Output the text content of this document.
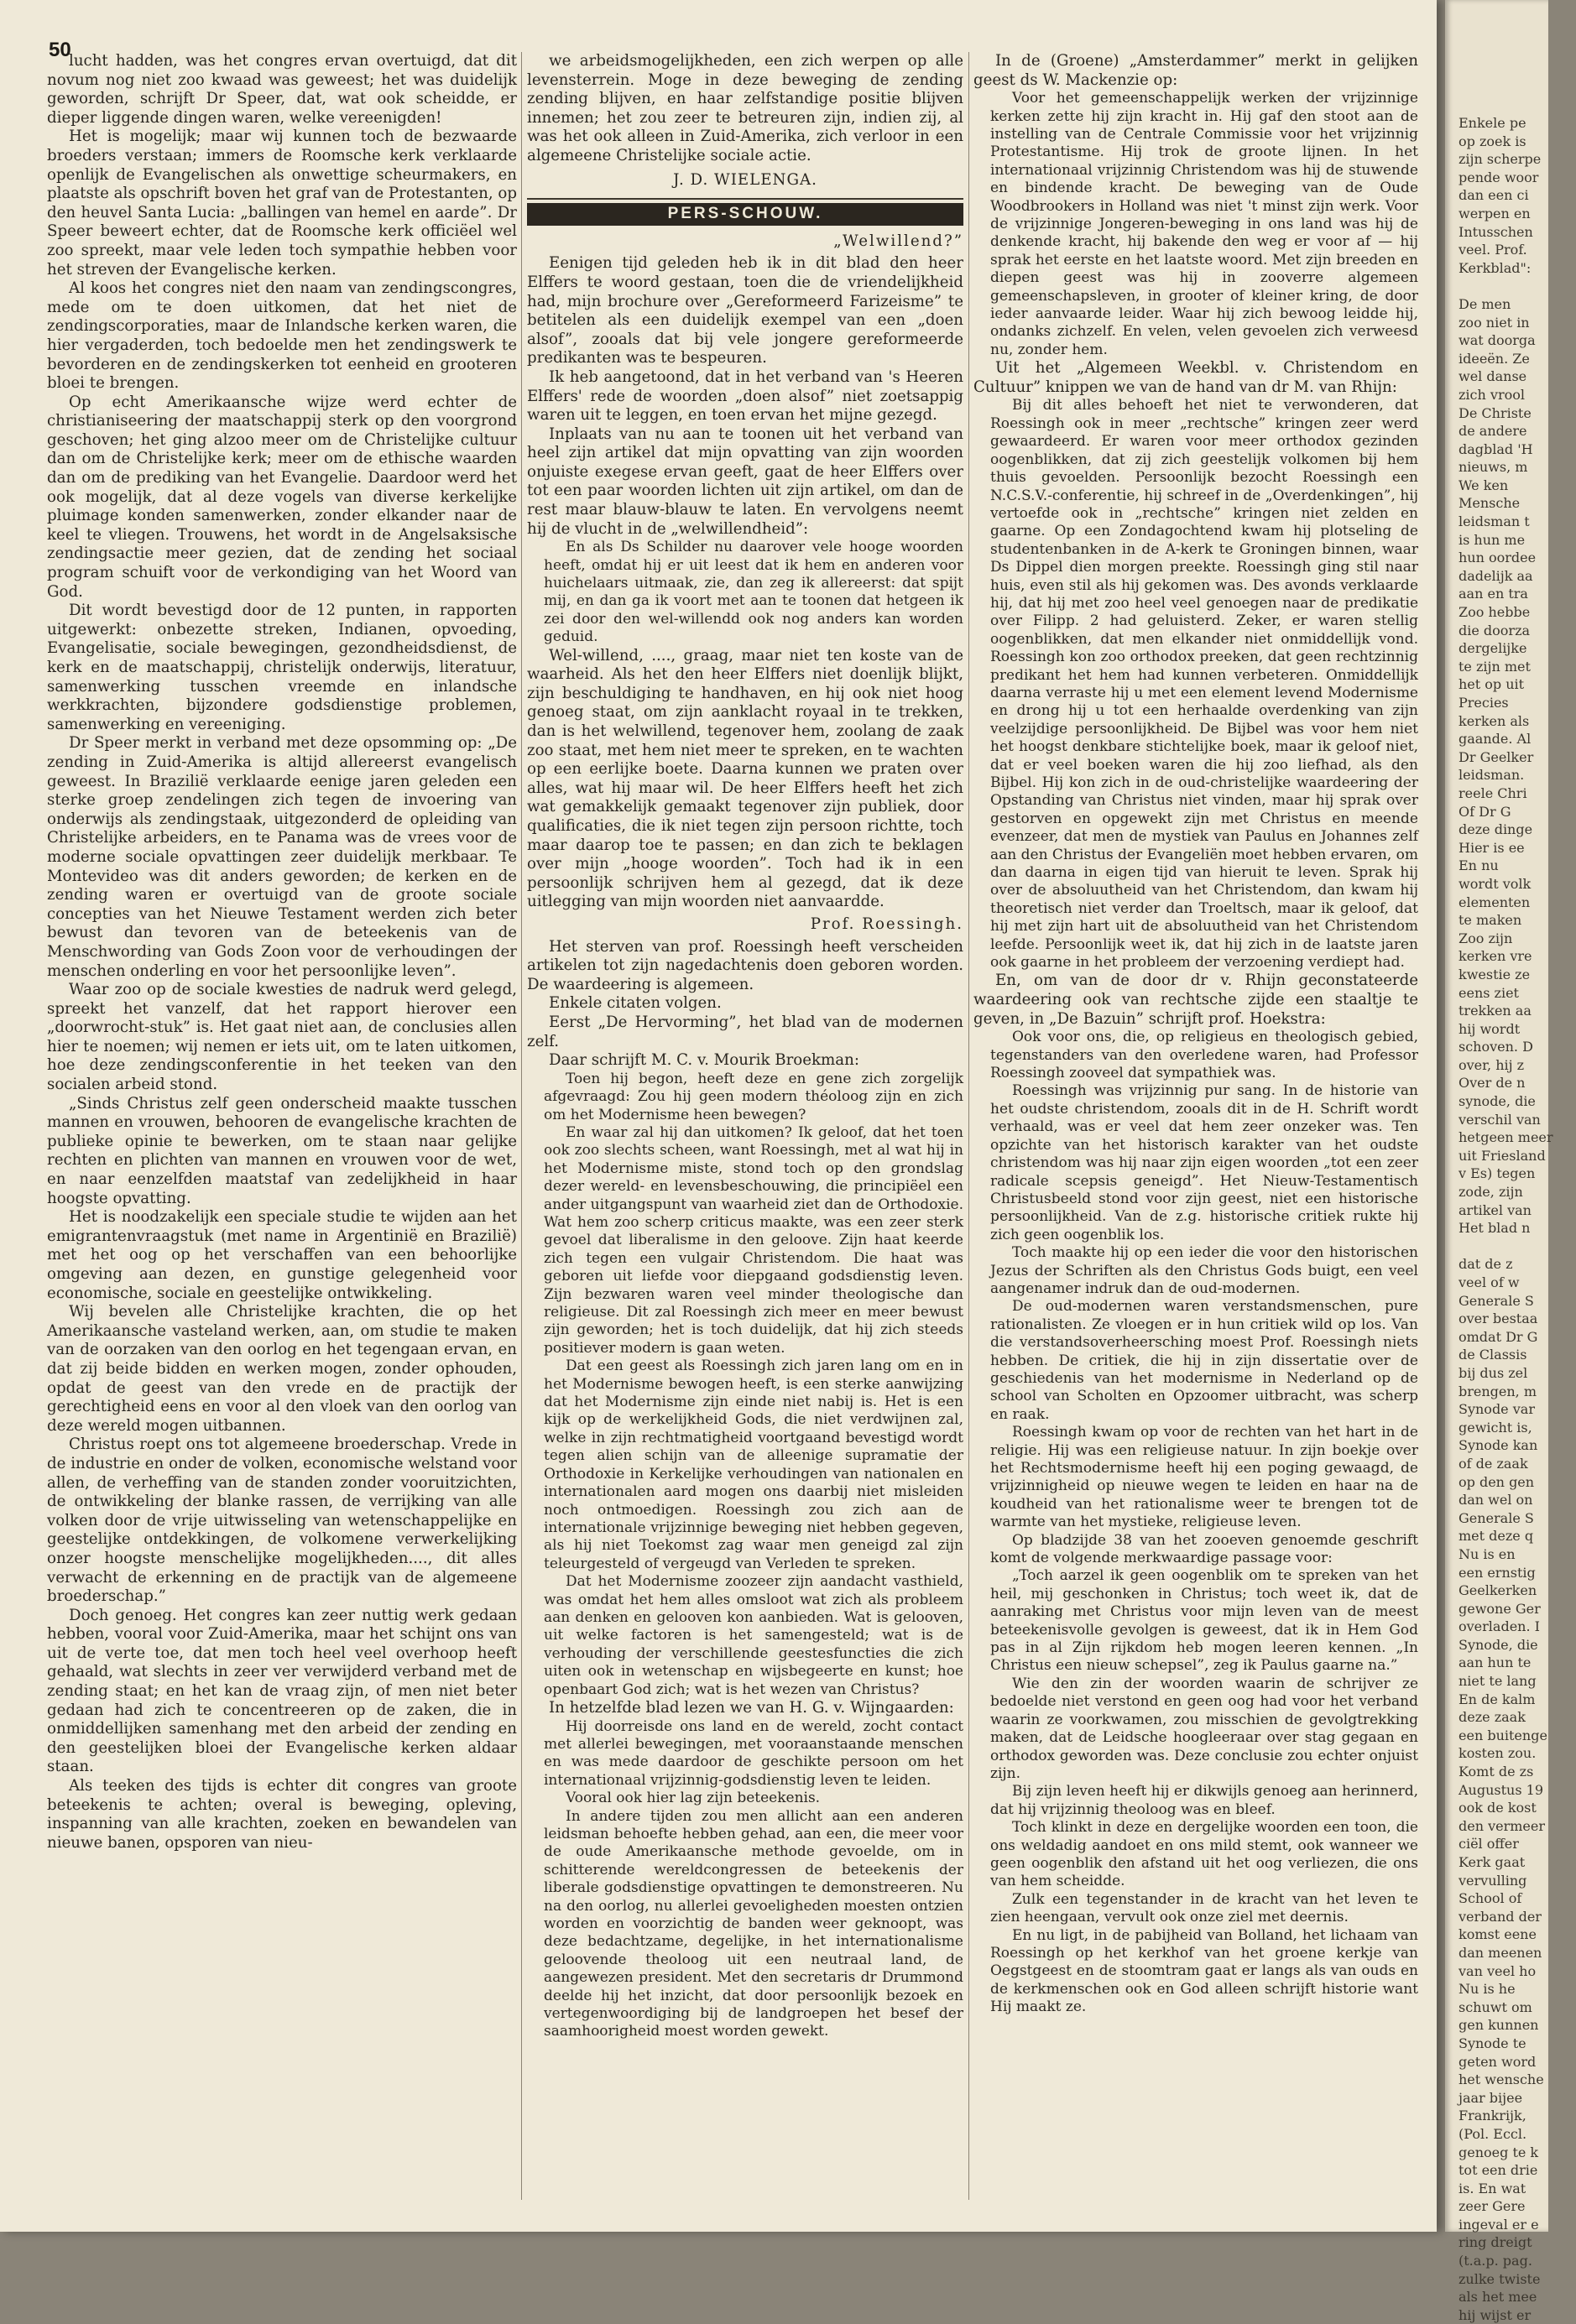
50

lucht hadden, was het congres ervan overtuigd, dat dit novum nog niet zoo kwaad was geweest; het was duidelijk geworden, schrijft Dr Speer, dat, wat ook scheidde, er dieper liggende dingen waren, welke vereenigden!

Het is mogelijk; maar wij kunnen toch de bezwaarde broeders verstaan; immers de Roomsche kerk verklaarde openlijk de Evangelischen als onwettige scheurmakers, en plaatste als opschrift boven het graf van de Protestanten, op den heuvel Santa Lucia: „ballingen van hemel en aarde”. Dr Speer beweert echter, dat de Roomsche kerk officiëel wel zoo spreekt, maar vele leden toch sympathie hebben voor het streven der Evangelische kerken.

Al koos het congres niet den naam van zendingscongres, mede om te doen uitkomen, dat het niet de zendingscorporaties, maar de Inlandsche kerken waren, die hier vergaderden, toch bedoelde men het zendingswerk te bevorderen en de zendingskerken tot eenheid en grooteren bloei te brengen.

Op echt Amerikaansche wijze werd echter de christianiseering der maatschappij sterk op den voorgrond geschoven; het ging alzoo meer om de Christelijke cultuur dan om de Christelijke kerk; meer om de ethische waarden dan om de prediking van het Evangelie. Daardoor werd het ook mogelijk, dat al deze vogels van diverse kerkelijke pluimage konden samenwerken, zonder elkander naar de keel te vliegen. Trouwens, het wordt in de Angelsaksische zendingsactie meer gezien, dat de zending het sociaal program schuift voor de verkondiging van het Woord van God.

Dit wordt bevestigd door de 12 punten, in rapporten uitgewerkt: onbezette streken, Indianen, opvoeding, Evangelisatie, sociale bewegingen, gezondheidsdienst, de kerk en de maatschappij, christelijk onderwijs, literatuur, samenwerking tusschen vreemde en inlandsche werkkrachten, bijzondere godsdienstige problemen, samenwerking en vereeniging.

Dr Speer merkt in verband met deze opsomming op: „De zending in Zuid-Amerika is altijd allereerst evangelisch geweest. In Brazilië verklaarde eenige jaren geleden een sterke groep zendelingen zich tegen de invoering van onderwijs als zendingstaak, uitgezonderd de opleiding van Christelijke arbeiders, en te Panama was de vrees voor de moderne sociale opvattingen zeer duidelijk merkbaar. Te Montevideo was dit anders geworden; de kerken en de zending waren er overtuigd van de groote sociale concepties van het Nieuwe Testament werden zich beter bewust dan tevoren van de beteekenis van de Menschwording van Gods Zoon voor de verhoudingen der menschen onderling en voor het persoonlijke leven”.

Waar zoo op de sociale kwesties de nadruk werd gelegd, spreekt het vanzelf, dat het rapport hierover een „doorwrocht-stuk” is. Het gaat niet aan, de conclusies allen hier te noemen; wij nemen er iets uit, om te laten uitkomen, hoe deze zendingsconferentie in het teeken van den socialen arbeid stond.

„Sinds Christus zelf geen onderscheid maakte tusschen mannen en vrouwen, behooren de evangelische krachten de publieke opinie te bewerken, om te staan naar gelijke rechten en plichten van mannen en vrouwen voor de wet, en naar eenzelfden maatstaf van zedelijkheid in haar hoogste opvatting.

Het is noodzakelijk een speciale studie te wijden aan het emigrantenvraagstuk (met name in Argentinië en Brazilië) met het oog op het verschaffen van een behoorlijke omgeving aan dezen, en gunstige gelegenheid voor economische, sociale en geestelijke ontwikkeling.

Wij bevelen alle Christelijke krachten, die op het Amerikaansche vasteland werken, aan, om studie te maken van de oorzaken van den oorlog en het tegengaan ervan, en dat zij beide bidden en werken mogen, zonder ophouden, opdat de geest van den vrede en de practijk der gerechtigheid eens en voor al den vloek van den oorlog van deze wereld mogen uitbannen.

Christus roept ons tot algemeene broederschap. Vrede in de industrie en onder de volken, economische welstand voor allen, de verheffing van de standen zonder vooruitzichten, de ontwikkeling der blanke rassen, de verrijking van alle volken door de vrije uitwisseling van wetenschappelijke en geestelijke ontdekkingen, de volkomene verwerkelijking onzer hoogste menschelijke mogelijkheden...., dit alles verwacht de erkenning en de practijk van de algemeene broederschap.”

Doch genoeg. Het congres kan zeer nuttig werk gedaan hebben, vooral voor Zuid-Amerika, maar het schijnt ons van uit de verte toe, dat men toch heel veel overhoop heeft gehaald, wat slechts in zeer ver verwijderd verband met de zending staat; en het kan de vraag zijn, of men niet beter gedaan had zich te concentreeren op de zaken, die in onmiddellijken samenhang met den arbeid der zending en den geestelijken bloei der Evangelische kerken aldaar staan.

Als teeken des tijds is echter dit congres van groote beteekenis te achten; overal is beweging, opleving, inspanning van alle krachten, zoeken en bewandelen van nieuwe banen, opsporen van nieu-

we arbeidsmogelijkheden, een zich werpen op alle levensterrein. Moge in deze beweging de zending zending blijven, en haar zelfstandige positie blijven innemen; het zou zeer te betreuren zijn, indien zij, al was het ook alleen in Zuid-Amerika, zich verloor in een algemeene Christelijke sociale actie.

J. D. WIELENGA.

PERS-SCHOUW.

„Welwillend?”

Eenigen tijd geleden heb ik in dit blad den heer Elffers te woord gestaan, toen die de vriendelijkheid had, mijn brochure over „Gereformeerd Farizeisme” te betitelen als een duidelijk exempel van een „doen alsof”, zooals dat bij vele jongere gereformeerde predikanten was te bespeuren.

Ik heb aangetoond, dat in het verband van 's Heeren Elffers' rede de woorden „doen alsof” niet zoetsappig waren uit te leggen, en toen ervan het mijne gezegd.

Inplaats van nu aan te toonen uit het verband van heel zijn artikel dat mijn opvatting van zijn woorden onjuiste exegese ervan geeft, gaat de heer Elffers over tot een paar woorden lichten uit zijn artikel, om dan de rest maar blauw-blauw te laten. En vervolgens neemt hij de vlucht in de „welwillendheid”:

En als Ds Schilder nu daarover vele hooge woorden heeft, omdat hij er uit leest dat ik hem en anderen voor huichelaars uitmaak, zie, dan zeg ik allereerst: dat spijt mij, en dan ga ik voort met aan te toonen dat hetgeen ik zei door den wel-willendd ook nog anders kan worden geduid.

Wel-willend, ...., graag, maar niet ten koste van de waarheid. Als het den heer Elffers niet doenlijk blijkt, zijn beschuldiging te handhaven, en hij ook niet hoog genoeg staat, om zijn aanklacht royaal in te trekken, dan is het welwillend, tegenover hem, zoolang de zaak zoo staat, met hem niet meer te spreken, en te wachten op een eerlijke boete. Daarna kunnen we praten over alles, wat hij maar wil. De heer Elffers heeft het zich wat gemakkelijk gemaakt tegenover zijn publiek, door qualificaties, die ik niet tegen zijn persoon richtte, toch maar daarop toe te passen; en dan zich te beklagen over mijn „hooge woorden”. Toch had ik in een persoonlijk schrijven hem al gezegd, dat ik deze uitlegging van mijn woorden niet aanvaardde.

Prof. Roessingh.

Het sterven van prof. Roessingh heeft verscheiden artikelen tot zijn nagedachtenis doen geboren worden. De waardeering is algemeen.

Enkele citaten volgen.

Eerst „De Hervorming”, het blad van de modernen zelf.

Daar schrijft M. C. v. Mourik Broekman:

Toen hij begon, heeft deze en gene zich zorgelijk afgevraagd: Zou hij geen modern théoloog zijn en zich om het Modernisme heen bewegen?

En waar zal hij dan uitkomen? Ik geloof, dat het toen ook zoo slechts scheen, want Roessingh, met al wat hij in het Modernisme miste, stond toch op den grondslag dezer wereld- en levensbeschouwing, die principiëel een ander uitgangspunt van waarheid ziet dan de Orthodoxie. Wat hem zoo scherp criticus maakte, was een zeer sterk gevoel dat liberalisme in den geloove. Zijn haat keerde zich tegen een vulgair Christendom. Die haat was geboren uit liefde voor diepgaand godsdienstig leven. Zijn bezwaren waren veel minder theologische dan religieuse. Dit zal Roessingh zich meer en meer bewust zijn geworden; het is toch duidelijk, dat hij zich steeds positiever modern is gaan weten.

Dat een geest als Roessingh zich jaren lang om en in het Modernisme bewogen heeft, is een sterke aanwijzing dat het Modernisme zijn einde niet nabij is. Het is een kijk op de werkelijkheid Gods, die niet verdwijnen zal, welke in zijn rechtmatigheid voortgaand bevestigd wordt tegen alien schijn van de alleenige supramatie der Orthodoxie in Kerkelijke verhoudingen van nationalen en internationalen aard mogen ons daarbij niet misleiden noch ontmoedigen. Roessingh zou zich aan de internationale vrijzinnige beweging niet hebben gegeven, als hij niet Toekomst zag waar men geneigd zal zijn teleurgesteld of vergeugd van Verleden te spreken.

Dat het Modernisme zoozeer zijn aandacht vasthield, was omdat het hem alles omsloot wat zich als probleem aan denken en gelooven kon aanbieden. Wat is gelooven, uit welke factoren is het samengesteld; wat is de verhouding der verschillende geestesfuncties die zich uiten ook in wetenschap en wijsbegeerte en kunst; hoe openbaart God zich; wat is het wezen van Christus?

In hetzelfde blad lezen we van H. G. v. Wijngaarden:

Hij doorreisde ons land en de wereld, zocht contact met allerlei bewegingen, met vooraanstaande menschen en was mede daardoor de geschikte persoon om het internationaal vrijzinnig-godsdienstig leven te leiden.

Vooral ook hier lag zijn beteekenis.

In andere tijden zou men allicht aan een anderen leidsman behoefte hebben gehad, aan een, die meer voor de oude Amerikaansche methode gevoelde, om in schitterende wereldcongressen de beteekenis der liberale godsdienstige opvattingen te demonstreeren. Nu na den oorlog, nu allerlei gevoeligheden moesten ontzien worden en voorzichtig de banden weer geknoopt, was deze bedachtzame, degelijke, in het internationalisme geloovende theoloog uit een neutraal land, de aangewezen president. Met den secretaris dr Drummond deelde hij het inzicht, dat door persoonlijk bezoek en vertegenwoordiging bij de landgroepen het besef der saamhoorigheid moest worden gewekt.

In de (Groene) „Amsterdammer” merkt in gelijken geest ds W. Mackenzie op:

Voor het gemeenschappelijk werken der vrijzinnige kerken zette hij zijn kracht in. Hij gaf den stoot aan de instelling van de Centrale Commissie voor het vrijzinnig Protestantisme. Hij trok de groote lijnen. In het internationaal vrijzinnig Christendom was hij de stuwende en bindende kracht. De beweging van de Oude Woodbrookers in Holland was niet 't minst zijn werk. Voor de vrijzinnige Jongeren-beweging in ons land was hij de denkende kracht, hij bakende den weg er voor af — hij sprak het eerste en het laatste woord. Met zijn breeden en diepen geest was hij in zooverre algemeen gemeenschapsleven, in grooter of kleiner kring, de door ieder aanvaarde leider. Waar hij zich bewoog leidde hij, ondanks zichzelf. En velen, velen gevoelen zich verweesd nu, zonder hem.

Uit het „Algemeen Weekbl. v. Christendom en Cultuur” knippen we van de hand van dr M. van Rhijn:

Bij dit alles behoeft het niet te verwonderen, dat Roessingh ook in meer „rechtsche” kringen zeer werd gewaardeerd. Er waren voor meer orthodox gezinden oogenblikken, dat zij zich geestelijk volkomen bij hem thuis gevoelden. Persoonlijk bezocht Roessingh een N.C.S.V.-conferentie, hij schreef in de „Overdenkingen”, hij vertoefde ook in „rechtsche” kringen niet zelden en gaarne. Op een Zondagochtend kwam hij plotseling de studentenbanken in de A-kerk te Groningen binnen, waar Ds Dippel dien morgen preekte. Roessingh ging stil naar huis, even stil als hij gekomen was. Des avonds verklaarde hij, dat hij met zoo heel veel genoegen naar de predikatie over Filipp. 2 had geluisterd. Zeker, er waren stellig oogenblikken, dat men elkander niet onmiddellijk vond. Roessingh kon zoo orthodox preeken, dat geen rechtzinnig predikant het hem had kunnen verbeteren. Onmiddellijk daarna verraste hij u met een element levend Modernisme en drong hij u tot een herhaalde overdenking van zijn veelzijdige persoonlijkheid. De Bijbel was voor hem niet het hoogst denkbare stichtelijke boek, maar ik geloof niet, dat er veel boeken waren die hij zoo liefhad, als den Bijbel. Hij kon zich in de oud-christelijke waardeering der Opstanding van Christus niet vinden, maar hij sprak over gestorven en opgewekt zijn met Christus en meende evenzeer, dat men de mystiek van Paulus en Johannes zelf aan den Christus der Evangeliën moet hebben ervaren, om dan daarna in eigen tijd van hieruit te leven. Sprak hij over de absoluutheid van het Christendom, dan kwam hij theoretisch niet verder dan Troeltsch, maar ik geloof, dat hij met zijn hart uit de absoluutheid van het Christendom leefde. Persoonlijk weet ik, dat hij zich in de laatste jaren ook gaarne in het probleem der verzoening verdiept had.

En, om van de door dr v. Rhijn geconstateerde waardeering ook van rechtsche zijde een staaltje te geven, in „De Bazuin” schrijft prof. Hoekstra:

Ook voor ons, die, op religieus en theologisch gebied, tegenstanders van den overledene waren, had Professor Roessingh zooveel dat sympathiek was.

Roessingh was vrijzinnig pur sang. In de historie van het oudste christendom, zooals dit in de H. Schrift wordt verhaald, was er veel dat hem zeer onzeker was. Ten opzichte van het historisch karakter van het oudste christendom was hij naar zijn eigen woorden „tot een zeer radicale scepsis geneigd”. Het Nieuw-Testamentisch Christusbeeld stond voor zijn geest, niet een historische persoonlijkheid. Van de z.g. historische critiek rukte hij zich geen oogenblik los.

Toch maakte hij op een ieder die voor den historischen Jezus der Schriften als den Christus Gods buigt, een veel aangenamer indruk dan de oud-modernen.

De oud-modernen waren verstandsmenschen, pure rationalisten. Ze vloegen er in hun critiek wild op los. Van die verstandsoverheersching moest Prof. Roessingh niets hebben. De critiek, die hij in zijn dissertatie over de geschiedenis van het modernisme in Nederland op de school van Scholten en Opzoomer uitbracht, was scherp en raak.

Roessingh kwam op voor de rechten van het hart in de religie. Hij was een religieuse natuur. In zijn boekje over het Rechtsmodernisme heeft hij een poging gewaagd, de vrijzinnigheid op nieuwe wegen te leiden en haar na de koudheid van het rationalisme weer te brengen tot de warmte van het mystieke, religieuse leven.

Op bladzijde 38 van het zooeven genoemde geschrift komt de volgende merkwaardige passage voor:

„Toch aarzel ik geen oogenblik om te spreken van het heil, mij geschonken in Christus; toch weet ik, dat de aanraking met Christus voor mijn leven van de meest beteekenisvolle gevolgen is geweest, dat ik in Hem God pas in al Zijn rijkdom heb mogen leeren kennen. „In Christus een nieuw schepsel”, zeg ik Paulus gaarne na.”

Wie den zin der woorden waarin de schrijver ze bedoelde niet verstond en geen oog had voor het verband waarin ze voorkwamen, zou misschien de gevolgtrekking maken, dat de Leidsche hoogleeraar over stag gegaan en orthodox geworden was. Deze conclusie zou echter onjuist zijn.

Bij zijn leven heeft hij er dikwijls genoeg aan herinnerd, dat hij vrijzinnig theoloog was en bleef.

Toch klinkt in deze en dergelijke woorden een toon, die ons weldadig aandoet en ons mild stemt, ook wanneer we geen oogenblik den afstand uit het oog verliezen, die ons van hem scheidde.

Zulk een tegenstander in de kracht van het leven te zien heengaan, vervult ook onze ziel met deernis.

En nu ligt, in de pabijheid van Bolland, het lichaam van Roessingh op het kerkhof van het groene kerkje van Oegstgeest en de stoomtram gaat er langs als van ouds en de kerkmenschen ook en God alleen schrijft historie want Hij maakt ze.

Enkele pe
op zoek is
zijn scherpe
pende woor
dan een ci
werpen en
Intusschen
veel. Prof.
Kerkblad":

De men
zoo niet in
wat doorga
ideeën. Ze
wel danse
zich vrool
De Christe
de andere
dagblad 'H
nieuws, m
We ken
Mensche
leidsman t
is hun me
hun oordee
dadelijk aa
aan en tra
Zoo hebbe
die doorza
dergelijke
te zijn met
het op uit
Precies
kerken als
gaande. Al
Dr Geelker
leidsman.
reele Chri
Of Dr G
deze dinge
Hier is ee
En nu
wordt volk
elementen
te maken
Zoo zijn
kerken vre
kwestie ze
eens ziet
trekken aa
hij wordt
schoven. D
over, hij z
Over de n
synode, die
verschil van
hetgeen meer
uit Friesland
v Es) tegen
zode, zijn
artikel van
Het blad n

dat de z
veel of w
Generale S
over bestaa
omdat Dr G
de Classis
bij dus zel
brengen, m
Synode var
gewicht is,
Synode kan
of de zaak
op den gen
dan wel on
Generale S
met deze q
Nu is en
een ernstig
Geelkerken
gewone Ger
overladen. I
Synode, die
aan hun te
niet te lang
En de kalm
deze zaak
een buitenge
kosten zou.
Komt de zs
Augustus 19
ook de kost
den vermeer
ciël offer
Kerk gaat
vervulling
School of
verband der
komst eene
dan meenen
van veel ho
Nu is he
schuwt om
gen kunnen
Synode te
geten word
het wensche
jaar bijee
Frankrijk,
(Pol. Eccl.
genoeg te k
tot een drie
is. En wat
zeer Gere
ingeval er e
ring dreigt
(t.a.p. pag.
zulke twiste
als het mee
hij wijst er
